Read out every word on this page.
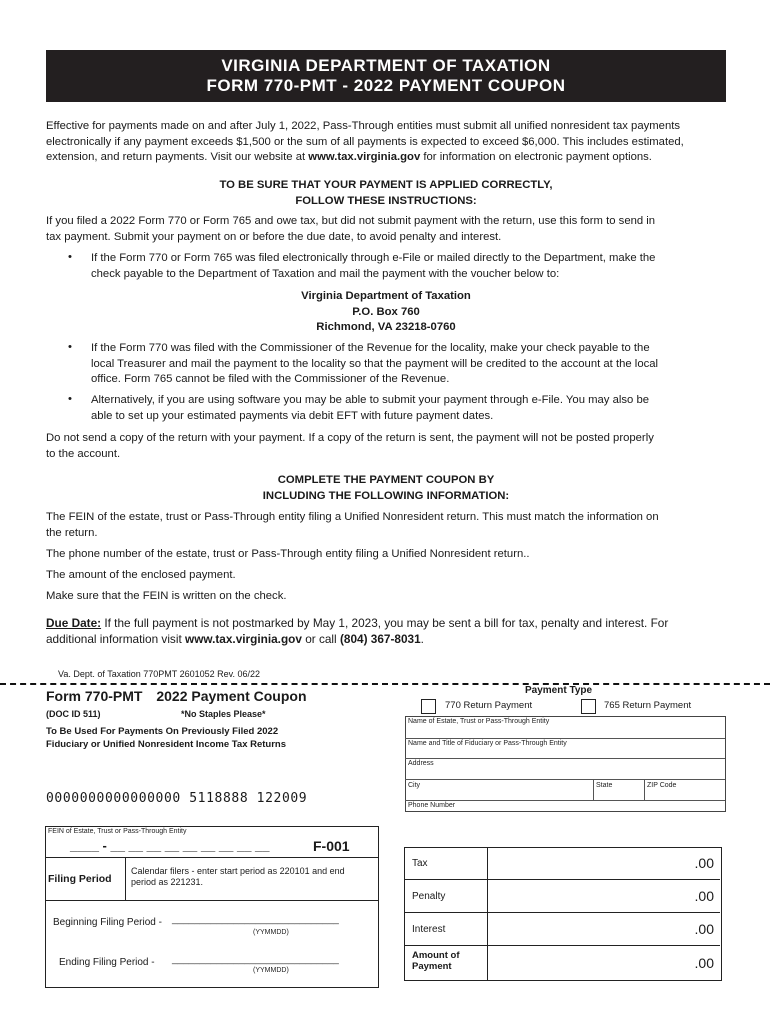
VIRGINIA DEPARTMENT OF TAXATION
FORM 770-PMT - 2022 PAYMENT COUPON
Effective for payments made on and after July 1, 2022, Pass-Through entities must submit all unified nonresident tax payments
electronically if any payment exceeds $1,500 or the sum of all payments is expected to exceed $6,000. This includes estimated,
extension, and return payments. Visit our website at www.tax.virginia.gov for information on electronic payment options.
TO BE SURE THAT YOUR PAYMENT IS APPLIED CORRECTLY,
FOLLOW THESE INSTRUCTIONS:
If you filed a 2022 Form 770 or Form 765 and owe tax, but did not submit payment with the return, use this form to send in
tax payment. Submit your payment on or before the due date, to avoid penalty and interest.
• If the Form 770 or Form 765 was filed electronically through e-File or mailed directly to the Department, make the
check payable to the Department of Taxation and mail the payment with the voucher below to:
Virginia Department of Taxation
P.O. Box 760
Richmond, VA 23218-0760
• If the Form 770 was filed with the Commissioner of the Revenue for the locality, make your check payable to the
local Treasurer and mail the payment to the locality so that the payment will be credited to the account at the local
office. Form 765 cannot be filed with the Commissioner of the Revenue.
• Alternatively, if you are using software you may be able to submit your payment through e-File. You may also be
able to set up your estimated payments via debit EFT with future payment dates.
Do not send a copy of the return with your payment. If a copy of the return is sent, the payment will not be posted properly
to the account.
COMPLETE THE PAYMENT COUPON BY
INCLUDING THE FOLLOWING INFORMATION:
The FEIN of the estate, trust or Pass-Through entity filing a Unified Nonresident return. This must match the information on
the return.
The phone number of the estate, trust or Pass-Through entity filing a Unified Nonresident return..
The amount of the enclosed payment.
Make sure that the FEIN is written on the check.
Due Date: If the full payment is not postmarked by May 1, 2023, you may be sent a bill for tax, penalty and interest. For
additional information visit www.tax.virginia.gov or call (804) 367-8031.
Va. Dept. of Taxation 770PMT 2601052 Rev. 06/22
Form 770-PMT 2022 Payment Coupon
(DOC ID 511)	*No Staples Please*
To Be Used For Payments On Previously Filed 2022
Fiduciary or Unified Nonresident Income Tax Returns
0000000000000000 5118888 122009
FEIN of Estate, Trust or Pass-Through Entity
____ - __ __ __ __ __ __ __ __ __	F-001
Filing Period
Calendar filers - enter start period as 220101 and end
period as 221231.
Beginning Filing Period - ______________________________
(YYMMDD)
Ending Filing Period - ______________________________
(YYMMDD)
Payment Type
770 Return Payment	765 Return Payment
Name of Estate, Trust or Pass-Through Entity
Name and Title of Fiduciary or Pass-Through Entity
Address
City	State	ZIP Code
Phone Number
Tax	.00
Penalty	.00
Interest	.00
Amount of
Payment	.00
